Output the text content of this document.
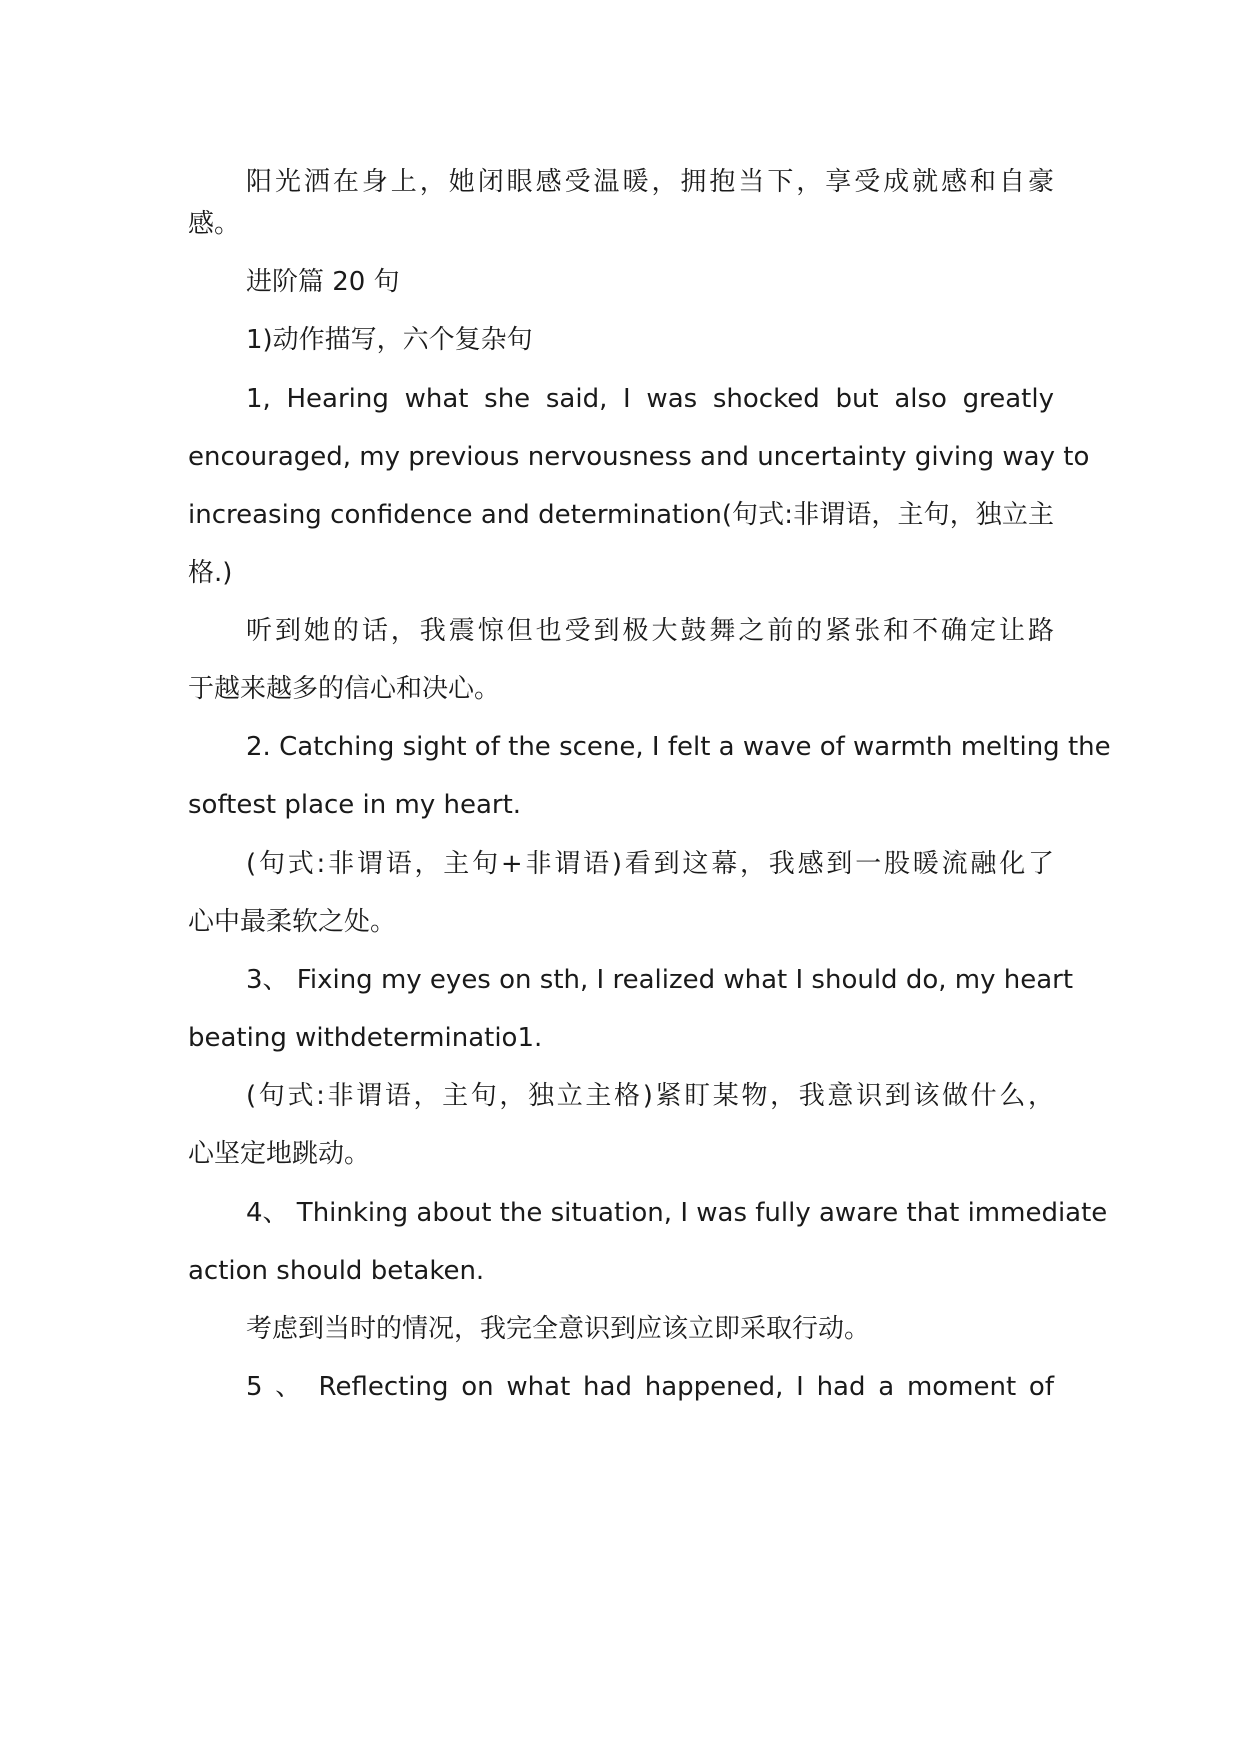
阳光洒在身上，她闭眼感受温暖，拥抱当下，享受成就感和自豪

感。

进阶篇 20 句

1)动作描写，六个复杂句

1, Hearing what she said, I was shocked but also greatly

encouraged, my previous nervousness and uncertainty giving way to

increasing confidence and determination(句式:非谓语，主句，独立主

格.)

听到她的话，我震惊但也受到极大鼓舞之前的紧张和不确定让路

于越来越多的信心和决心。

2. Catching sight of the scene, I felt a wave of warmth melting the

softest place in my heart.

(句式:非谓语，主句+非谓语)看到这幕，我感到一股暖流融化了

心中最柔软之处。

3、 Fixing my eyes on sth, I realized what I should do, my heart

beating withdeterminatio1.

(句式:非谓语，主句，独立主格)紧盯某物，我意识到该做什么，

心坚定地跳动。

4、 Thinking about the situation, I was fully aware that immediate

action should betaken.

考虑到当时的情况，我完全意识到应该立即采取行动。

5 、 Reflecting on what had happened, I had a moment of
